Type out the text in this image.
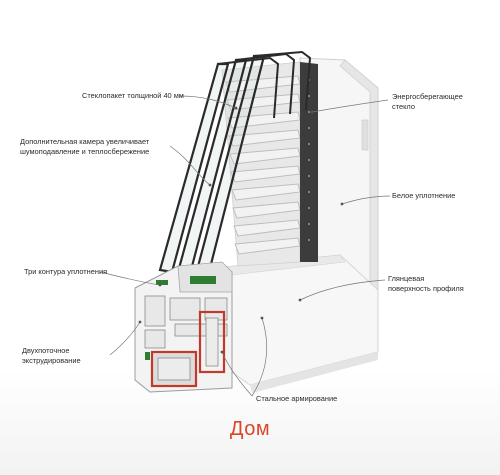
Стеклопакет толщиной 40 мм
Дополнительная камера увеличивает
шумоподавление и теплосбережение
Три контура уплотнения
Двухпоточное
экструдирование
Энергосберегающее
стекло
Белое уплотнение
Глянцевая
поверхность профиля
Стальное армирование
Дом
